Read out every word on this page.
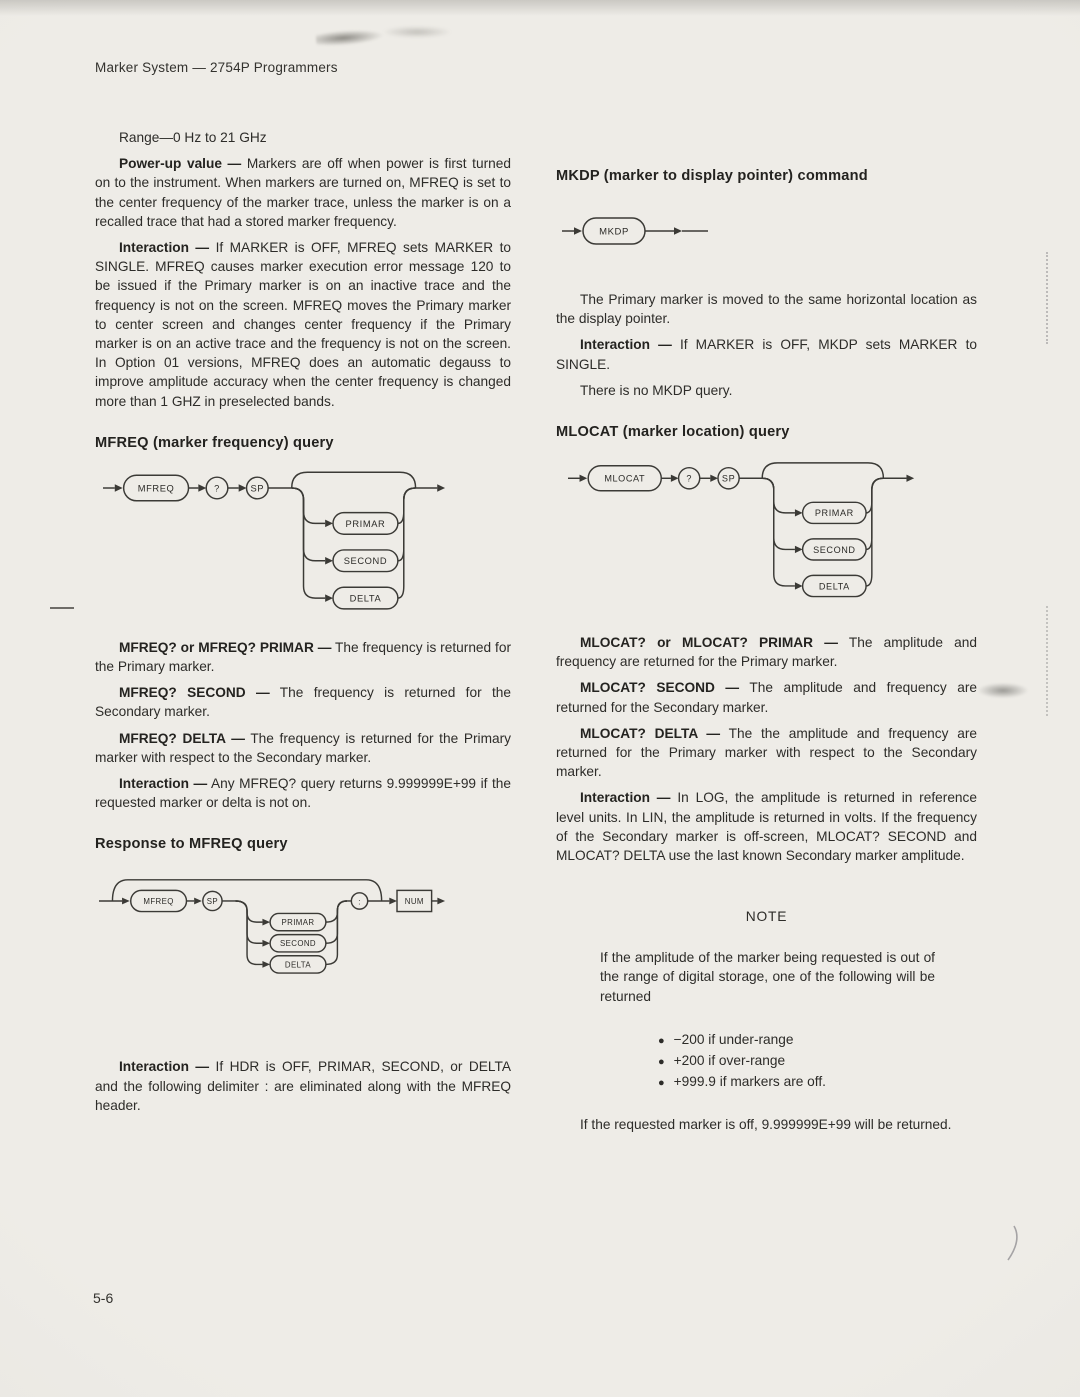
Marker System — 2754P Programmers

Range—0 Hz to 21 GHz

Power-up value — Markers are off when power is first turned on to the instrument. When markers are turned on, MFREQ is set to the center frequency of the marker trace, unless the marker is on a recalled trace that had a stored marker frequency.

Interaction — If MARKER is OFF, MFREQ sets MARKER to SINGLE. MFREQ causes marker execution error message 120 to be issued if the Primary marker is on an inactive trace and the frequency is not on the screen. MFREQ moves the Primary marker to center screen and changes center frequency if the Primary marker is on an active trace and the frequency is not on the screen. In Option 01 versions, MFREQ does an automatic degauss to improve amplitude accuracy when the center frequency is changed more than 1 GHZ in preselected bands.

MFREQ (marker frequency) query
MFREQ	?	SP
PRIMAR
SECOND
DELTA

MFREQ? or MFREQ? PRIMAR — The frequency is returned for the Primary marker.

MFREQ? SECOND — The frequency is returned for the Secondary marker.

MFREQ? DELTA — The frequency is returned for the Primary marker with respect to the Secondary marker.

Interaction — Any MFREQ? query returns 9.999999E+99 if the requested marker or delta is not on.

Response to MFREQ query
MFREQ	SP
PRIMAR
SECOND
DELTA
:	NUM

Interaction — If HDR is OFF, PRIMAR, SECOND, or DELTA and the following delimiter : are eliminated along with the MFREQ header.

MKDP (marker to display pointer) command
MKDP

The Primary marker is moved to the same horizontal location as the display pointer.

Interaction — If MARKER is OFF, MKDP sets MARKER to SINGLE.

There is no MKDP query.

MLOCAT (marker location) query
MLOCAT	?	SP
PRIMAR
SECOND
DELTA

MLOCAT? or MLOCAT? PRIMAR — The amplitude and frequency are returned for the Primary marker.

MLOCAT? SECOND — The amplitude and frequency are returned for the Secondary marker.

MLOCAT? DELTA — The the amplitude and frequency are returned for the Primary marker with respect to the Secondary marker.

Interaction — In LOG, the amplitude is returned in reference level units. In LIN, the amplitude is returned in volts. If the frequency of the Secondary marker is off-screen, MLOCAT? SECOND and MLOCAT? DELTA use the last known Secondary marker amplitude.

NOTE

If the amplitude of the marker being requested is out of the range of digital storage, one of the following will be returned

● −200 if under-range
● +200 if over-range
● +999.9 if markers are off.

If the requested marker is off, 9.999999E+99 will be returned.

5-6
